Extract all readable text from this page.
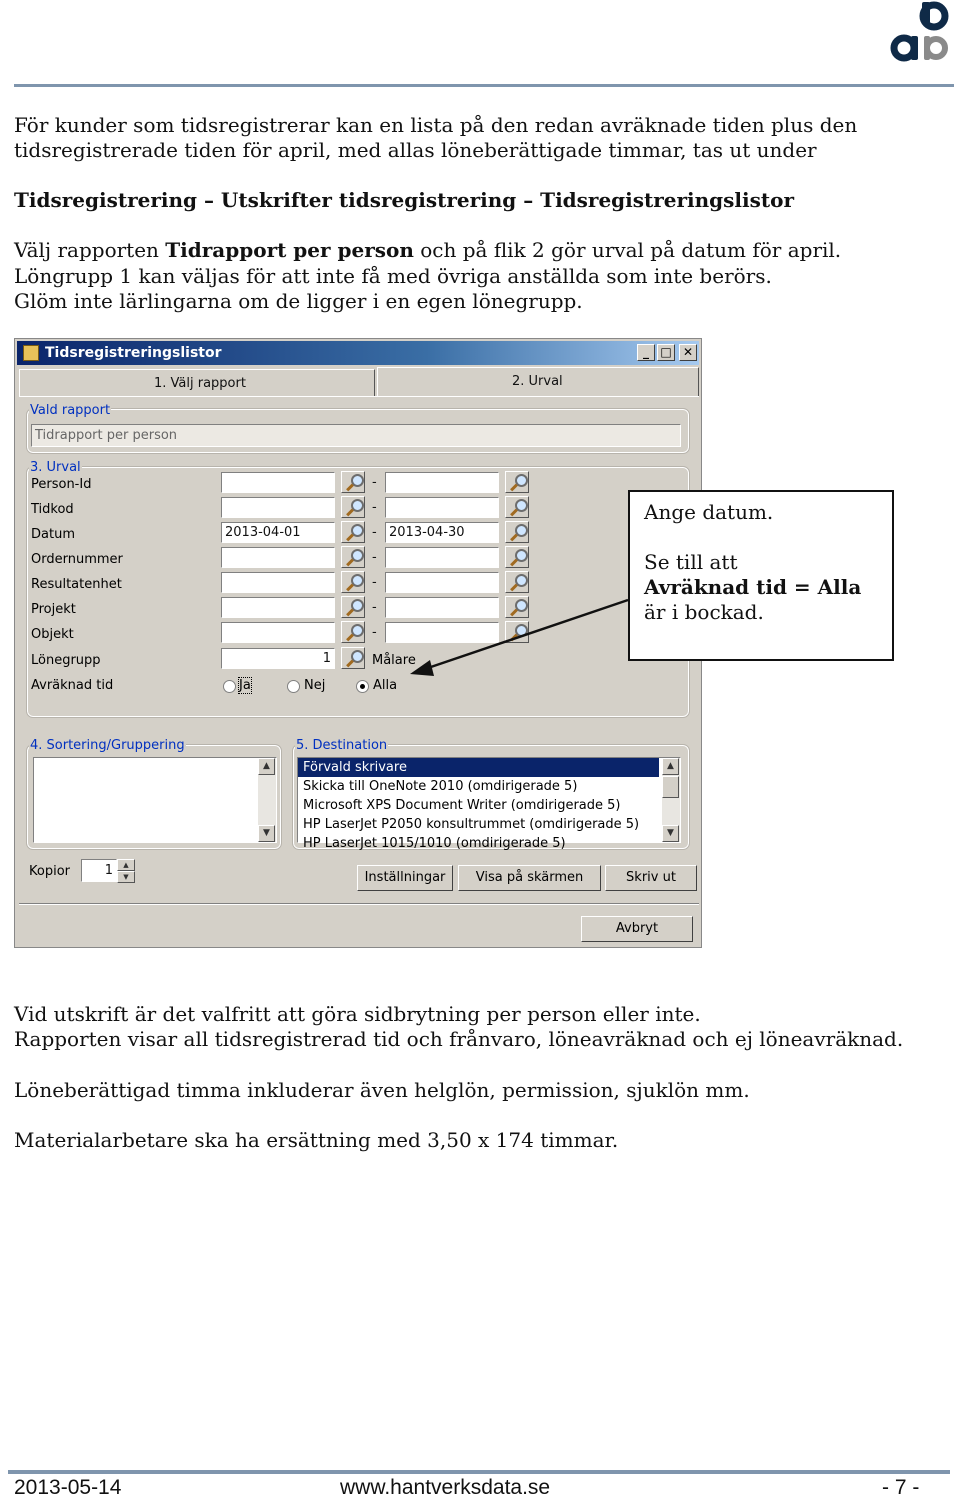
För kunder som tidsregistrerar kan en lista på den redan avräknade tiden plus den
tidsregistrerade tiden för april, med allas löneberättigade timmar, tas ut under
Tidsregistrering – Utskrifter tidsregistrering – Tidsregistreringslistor
Välj rapporten Tidrapport per person och på flik 2 gör urval på datum för april.
Löngrupp 1 kan väljas för att inte få med övriga anställda som inte berörs.
Glöm inte lärlingarna om de ligger i en egen lönegrupp.
Tidsregistreringslistor	_ □ ✕
1. Välj rapport	2. Urval
Vald rapport
Tidrapport per person
3. Urval
Person-Id	-
Tidkod	-
Datum	2013-04-01	- 2013-04-30
Ordernummer	-
Resultatenhet	-
Projekt	-
Objekt	-
Lönegrupp	1	Målare
Avräknad tid	Ja	Nej	Alla
4. Sortering/Gruppering
▲
▼
5. Destination
Förvald skrivare
Skicka till OneNote 2010 (omdirigerade 5)
Microsoft XPS Document Writer (omdirigerade 5)
HP LaserJet P2050 konsultrummet (omdirigerade 5)
HP LaserJet 1015/1010 (omdirigerade 5)
▲
▼
Kopior	1	▲
▼	Inställningar	Visa på skärmen	Skriv ut
Avbryt
Ange datum.
Se till att
Avräknad tid = Alla
är i bockad.
Vid utskrift är det valfritt att göra sidbrytning per person eller inte.
Rapporten visar all tidsregistrerad tid och frånvaro, löneavräknad och ej löneavräknad.
Löneberättigad timma inkluderar även helglön, permission, sjuklön mm.
Materialarbetare ska ha ersättning med 3,50 x 174 timmar.
2013-05-14	www.hantverksdata.se	- 7 -
